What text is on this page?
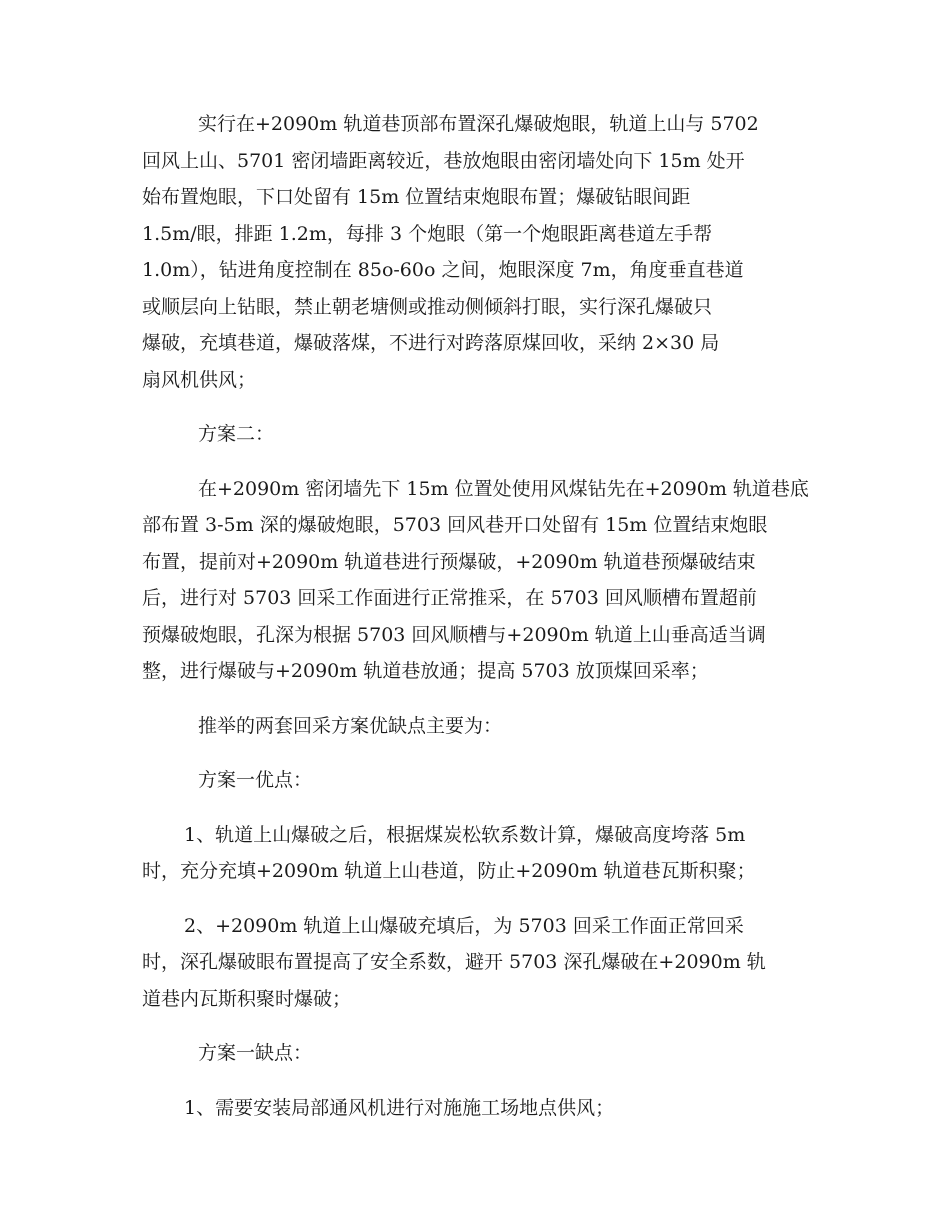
实行在+2090m 轨道巷顶部布置深孔爆破炮眼，轨道上山与 5702
回风上山、5701 密闭墙距离较近，巷放炮眼由密闭墙处向下 15m 处开
始布置炮眼，下口处留有 15m 位置结束炮眼布置；爆破钻眼间距
1.5m/眼，排距 1.2m，每排 3 个炮眼（第一个炮眼距离巷道左手帮
1.0m），钻进角度控制在 85o-60o 之间，炮眼深度 7m，角度垂直巷道
或顺层向上钻眼，禁止朝老塘侧或推动侧倾斜打眼，实行深孔爆破只
爆破，充填巷道，爆破落煤，不进行对跨落原煤回收，采纳 2×30 局
扇风机供风；

方案二：

在+2090m 密闭墙先下 15m 位置处使用风煤钻先在+2090m 轨道巷底
部布置 3-5m 深的爆破炮眼，5703 回风巷开口处留有 15m 位置结束炮眼
布置，提前对+2090m 轨道巷进行预爆破，+2090m 轨道巷预爆破结束
后，进行对 5703 回采工作面进行正常推采，在 5703 回风顺槽布置超前
预爆破炮眼，孔深为根据 5703 回风顺槽与+2090m 轨道上山垂高适当调
整，进行爆破与+2090m 轨道巷放通；提高 5703 放顶煤回采率；

推举的两套回采方案优缺点主要为：

方案一优点：

1、轨道上山爆破之后，根据煤炭松软系数计算，爆破高度垮落 5m
时，充分充填+2090m 轨道上山巷道，防止+2090m 轨道巷瓦斯积聚；

2、+2090m 轨道上山爆破充填后，为 5703 回采工作面正常回采
时，深孔爆破眼布置提高了安全系数，避开 5703 深孔爆破在+2090m 轨
道巷内瓦斯积聚时爆破；

方案一缺点：

1、需要安装局部通风机进行对施施工场地点供风；
